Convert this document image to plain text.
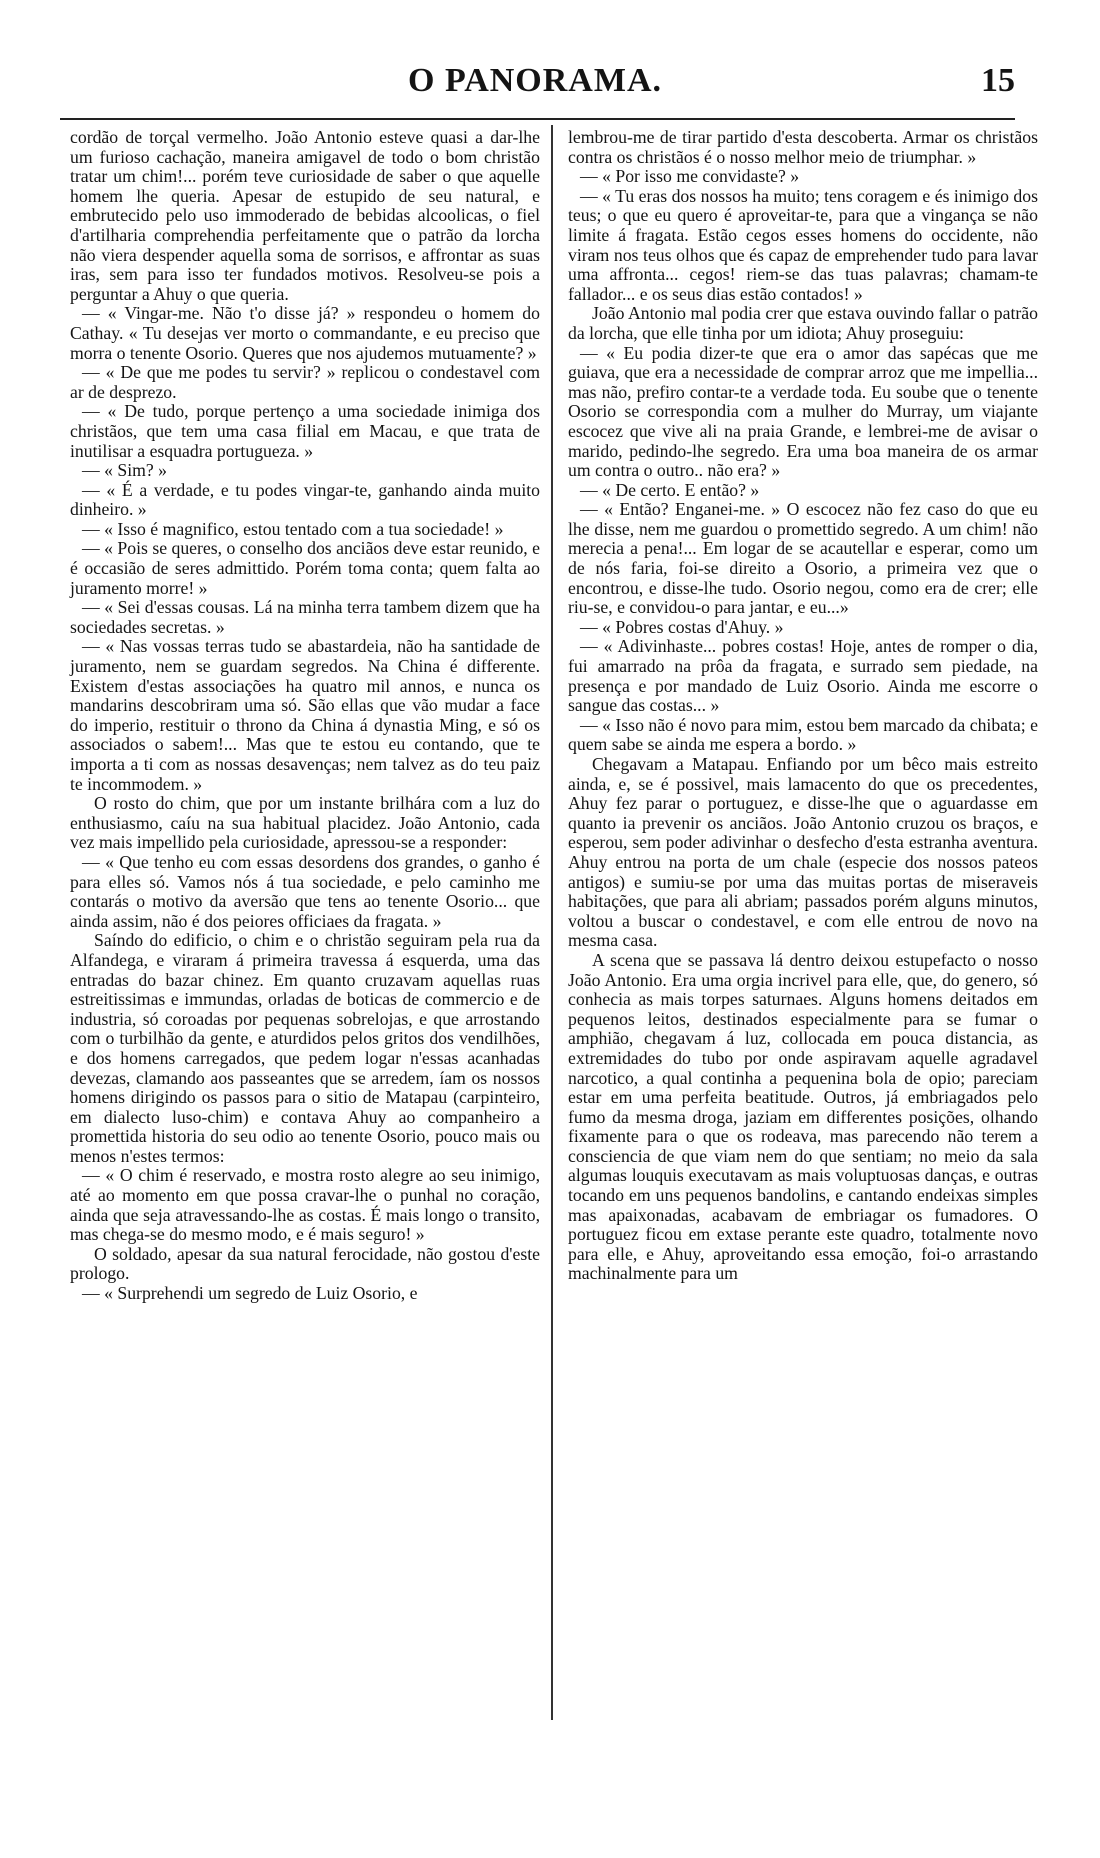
O PANORAMA.	15

cordão de torçal vermelho. João Antonio esteve quasi a dar-lhe um furioso cachação, maneira amigavel de todo o bom christão tratar um chim!... porém teve curiosidade de saber o que aquelle homem lhe queria. Apesar de estupido de seu natural, e embrutecido pelo uso immoderado de bebidas alcoolicas, o fiel d'artilharia comprehendia perfeitamente que o patrão da lorcha não viera despender aquella soma de sorrisos, e affrontar as suas iras, sem para isso ter fundados motivos. Resolveu-se pois a perguntar a Ahuy o que queria.

— « Vingar-me. Não t'o disse já? » respondeu o homem do Cathay. « Tu desejas ver morto o commandante, e eu preciso que morra o tenente Osorio. Queres que nos ajudemos mutuamente? »

— « De que me podes tu servir? » replicou o condestavel com ar de desprezo.

— « De tudo, porque pertenço a uma sociedade inimiga dos christãos, que tem uma casa filial em Macau, e que trata de inutilisar a esquadra portugueza. »

— « Sim? »

— « É a verdade, e tu podes vingar-te, ganhando ainda muito dinheiro. »

— « Isso é magnifico, estou tentado com a tua sociedade! »

— « Pois se queres, o conselho dos anciãos deve estar reunido, e é occasião de seres admittido. Porém toma conta; quem falta ao juramento morre! »

— « Sei d'essas cousas. Lá na minha terra tambem dizem que ha sociedades secretas. »

— « Nas vossas terras tudo se abastardeia, não ha santidade de juramento, nem se guardam segredos. Na China é differente. Existem d'estas associações ha quatro mil annos, e nunca os mandarins descobriram uma só. São ellas que vão mudar a face do imperio, restituir o throno da China á dynastia Ming, e só os associados o sabem!... Mas que te estou eu contando, que te importa a ti com as nossas desavenças; nem talvez as do teu paiz te incommodem. »

O rosto do chim, que por um instante brilhára com a luz do enthusiasmo, caíu na sua habitual placidez. João Antonio, cada vez mais impellido pela curiosidade, apressou-se a responder:

— « Que tenho eu com essas desordens dos grandes, o ganho é para elles só. Vamos nós á tua sociedade, e pelo caminho me contarás o motivo da aversão que tens ao tenente Osorio... que ainda assim, não é dos peiores officiaes da fragata. »

Saíndo do edificio, o chim e o christão seguiram pela rua da Alfandega, e viraram á primeira travessa á esquerda, uma das entradas do bazar chinez. Em quanto cruzavam aquellas ruas estreitissimas e immundas, orladas de boticas de commercio e de industria, só coroadas por pequenas sobrelojas, e que arrostando com o turbilhão da gente, e aturdidos pelos gritos dos vendilhões, e dos homens carregados, que pedem logar n'essas acanhadas devezas, clamando aos passeantes que se arredem, íam os nossos homens dirigindo os passos para o sitio de Matapau (carpinteiro, em dialecto luso-chim) e contava Ahuy ao companheiro a promettida historia do seu odio ao tenente Osorio, pouco mais ou menos n'estes termos:

— « O chim é reservado, e mostra rosto alegre ao seu inimigo, até ao momento em que possa cravar-lhe o punhal no coração, ainda que seja atravessando-lhe as costas. É mais longo o transito, mas chega-se do mesmo modo, e é mais seguro! »

O soldado, apesar da sua natural ferocidade, não gostou d'este prologo.

— « Surprehendi um segredo de Luiz Osorio, e

lembrou-me de tirar partido d'esta descoberta. Armar os christãos contra os christãos é o nosso melhor meio de triumphar. »

— « Por isso me convidaste? »

— « Tu eras dos nossos ha muito; tens coragem e és inimigo dos teus; o que eu quero é aproveitar-te, para que a vingança se não limite á fragata. Estão cegos esses homens do occidente, não viram nos teus olhos que és capaz de emprehender tudo para lavar uma affronta... cegos! riem-se das tuas palavras; chamam-te fallador... e os seus dias estão contados! »

João Antonio mal podia crer que estava ouvindo fallar o patrão da lorcha, que elle tinha por um idiota; Ahuy proseguiu:

— « Eu podia dizer-te que era o amor das sapécas que me guiava, que era a necessidade de comprar arroz que me impellia... mas não, prefiro contar-te a verdade toda. Eu soube que o tenente Osorio se correspondia com a mulher do Murray, um viajante escocez que vive ali na praia Grande, e lembrei-me de avisar o marido, pedindo-lhe segredo. Era uma boa maneira de os armar um contra o outro.. não era? »

— « De certo. E então? »

— « Então? Enganei-me. » O escocez não fez caso do que eu lhe disse, nem me guardou o promettido segredo. A um chim! não merecia a pena!... Em logar de se acautellar e esperar, como um de nós faria, foi-se direito a Osorio, a primeira vez que o encontrou, e disse-lhe tudo. Osorio negou, como era de crer; elle riu-se, e convidou-o para jantar, e eu...»

— « Pobres costas d'Ahuy. »

— « Adivinhaste... pobres costas! Hoje, antes de romper o dia, fui amarrado na prôa da fragata, e surrado sem piedade, na presença e por mandado de Luiz Osorio. Ainda me escorre o sangue das costas... »

— « Isso não é novo para mim, estou bem marcado da chibata; e quem sabe se ainda me espera a bordo. »

Chegavam a Matapau. Enfiando por um bêco mais estreito ainda, e, se é possivel, mais lamacento do que os precedentes, Ahuy fez parar o portuguez, e disse-lhe que o aguardasse em quanto ia prevenir os anciãos. João Antonio cruzou os braços, e esperou, sem poder adivinhar o desfecho d'esta estranha aventura. Ahuy entrou na porta de um chale (especie dos nossos pateos antigos) e sumiu-se por uma das muitas portas de miseraveis habitações, que para ali abriam; passados porém alguns minutos, voltou a buscar o condestavel, e com elle entrou de novo na mesma casa.

A scena que se passava lá dentro deixou estupefacto o nosso João Antonio. Era uma orgia incrivel para elle, que, do genero, só conhecia as mais torpes saturnaes. Alguns homens deitados em pequenos leitos, destinados especialmente para se fumar o amphião, chegavam á luz, collocada em pouca distancia, as extremidades do tubo por onde aspiravam aquelle agradavel narcotico, a qual continha a pequenina bola de opio; pareciam estar em uma perfeita beatitude. Outros, já embriagados pelo fumo da mesma droga, jaziam em differentes posições, olhando fixamente para o que os rodeava, mas parecendo não terem a consciencia de que viam nem do que sentiam; no meio da sala algumas louquis executavam as mais voluptuosas danças, e outras tocando em uns pequenos bandolins, e cantando endeixas simples mas apaixonadas, acabavam de embriagar os fumadores. O portuguez ficou em extase perante este quadro, totalmente novo para elle, e Ahuy, aproveitando essa emoção, foi-o arrastando machinalmente para um
